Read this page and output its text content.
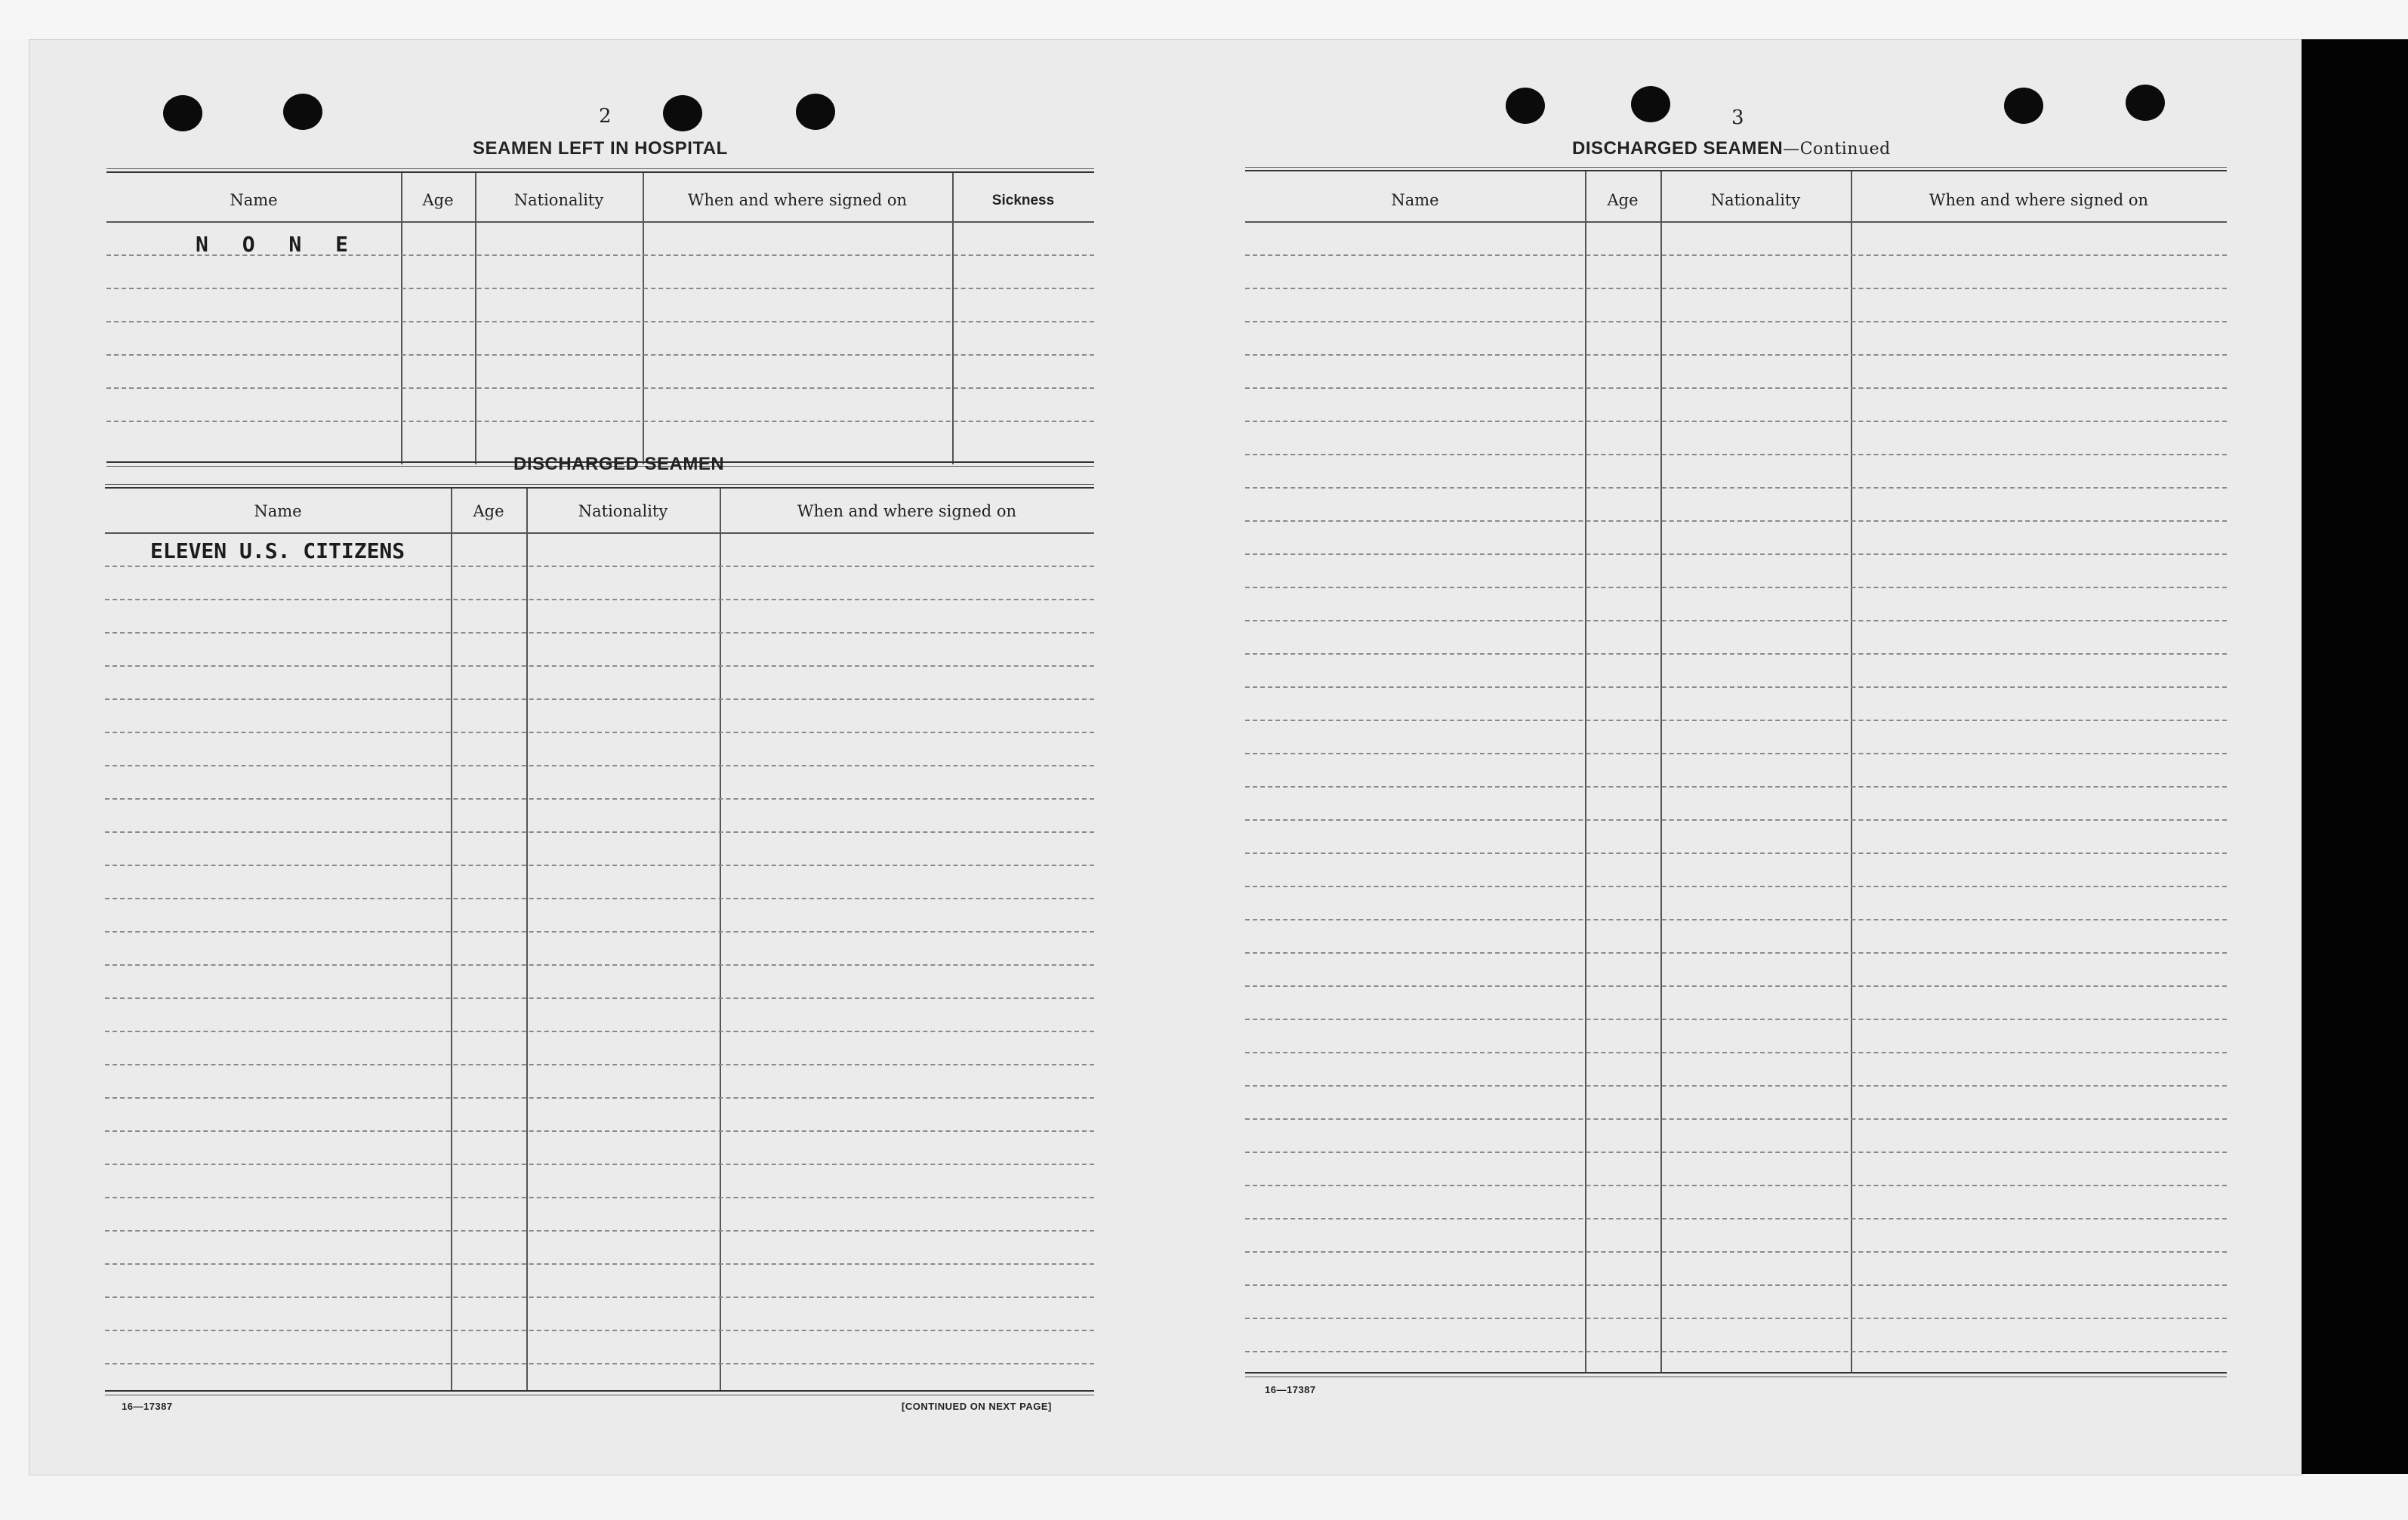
2
SEAMEN LEFT IN HOSPITAL
Name	Age	Nationality	When and where signed on	Sickness
N O N E
DISCHARGED SEAMEN
Name	Age	Nationality	When and where signed on
ELEVEN U.S. CITIZENS
16—17387	[CONTINUED ON NEXT PAGE]
3
DISCHARGED SEAMEN—Continued
Name	Age	Nationality	When and where signed on
16—17387
